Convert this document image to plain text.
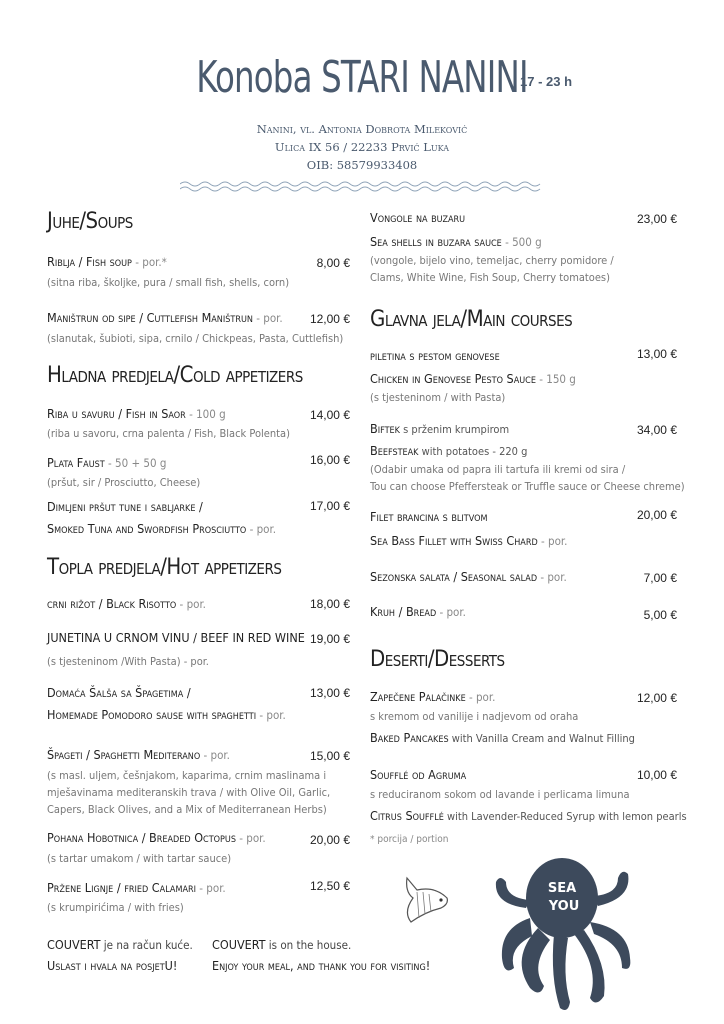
Konoba STARI NANINI
17 - 23 h
Nanini, vl. Antonia Dobrota Mileković
Ulica IX 56 / 22233 Prvić Luka
OIB: 58579933408
Juhe/Soups
Riblja / Fish soup - por.*	8,00 €
(sitna riba, školjke, pura / small fish, shells, corn)
Maništrun od sipe / Cuttlefish Maništrun - por.	12,00 €
(slanutak, šubioti, sipa, crnilo / Chickpeas, Pasta, Cuttlefish)
Hladna predjela/Cold appetizers
Riba u savuru / Fish in Saor - 100 g	14,00 €
(riba u savoru, crna palenta / Fish, Black Polenta)
Plata Faust - 50 + 50 g	16,00 €
(pršut, sir / Prosciutto, Cheese)
Dimljeni pršut tune i sabljarke /	17,00 €
Smoked Tuna and Swordfish Prosciutto - por.
Topla predjela/Hot appetizers
crni rižot / Black Risotto - por.	18,00 €
JUNETINA U CRNOM VINU / BEEF IN RED WINE 19,00 €
(s tjesteninom /With Pasta) - por.
Domaća Šalša sa Špagetima /	13,00 €
Homemade Pomodoro sause with spaghetti - por.
Špageti / Spaghetti Mediterano - por.	15,00 €
(s masl. uljem, češnjakom, kaparima, crnim maslinama i
mješavinama mediteranskih trava / with Olive Oil, Garlic,
Capers, Black Olives, and a Mix of Mediterranean Herbs)
Pohana Hobotnica / Breaded Octopus - por.	20,00 €
(s tartar umakom / with tartar sauce)
Pržene Lignje / fried Calamari - por.	12,50 €
(s krumpirićima / with fries)
Vongole na buzaru	23,00 €
Sea shells in buzara sauce - 500 g
(vongole, bijelo vino, temeljac, cherry pomidore /
Clams, White Wine, Fish Soup, Cherry tomatoes)
Glavna jela/Main courses
piletina s pestom genovese	13,00 €
Chicken in Genovese Pesto Sauce - 150 g
(s tjesteninom / with Pasta)
Biftek s prženim krumpirom	34,00 €
Beefsteak with potatoes - 220 g
(Odabir umaka od papra ili tartufa ili kremi od sira /
Tou can choose Pfeffersteak or Truffle sauce or Cheese chreme)
Filet brancina s blitvom	20,00 €
Sea Bass Fillet with Swiss Chard - por.
Sezonska salata / Seasonal salad - por.	7,00 €
Kruh / Bread - por.	5,00 €
Deserti/Desserts
Zapečene Palačinke - por.	12,00 €
s kremom od vanilije i nadjevom od oraha
Baked Pancakes with Vanilla Cream and Walnut Filling
Soufflé od Agruma	10,00 €
s reduciranom sokom od lavande i perlicama limuna
Citrus Soufflé with Lavender-Reduced Syrup with lemon pearls
* porcija / portion
COUVERT je na račun kuće.
Uslast i hvala na posjetU!
COUVERT is on the house.
Enjoy your meal, and thank you for visiting!
SEA
YOU
